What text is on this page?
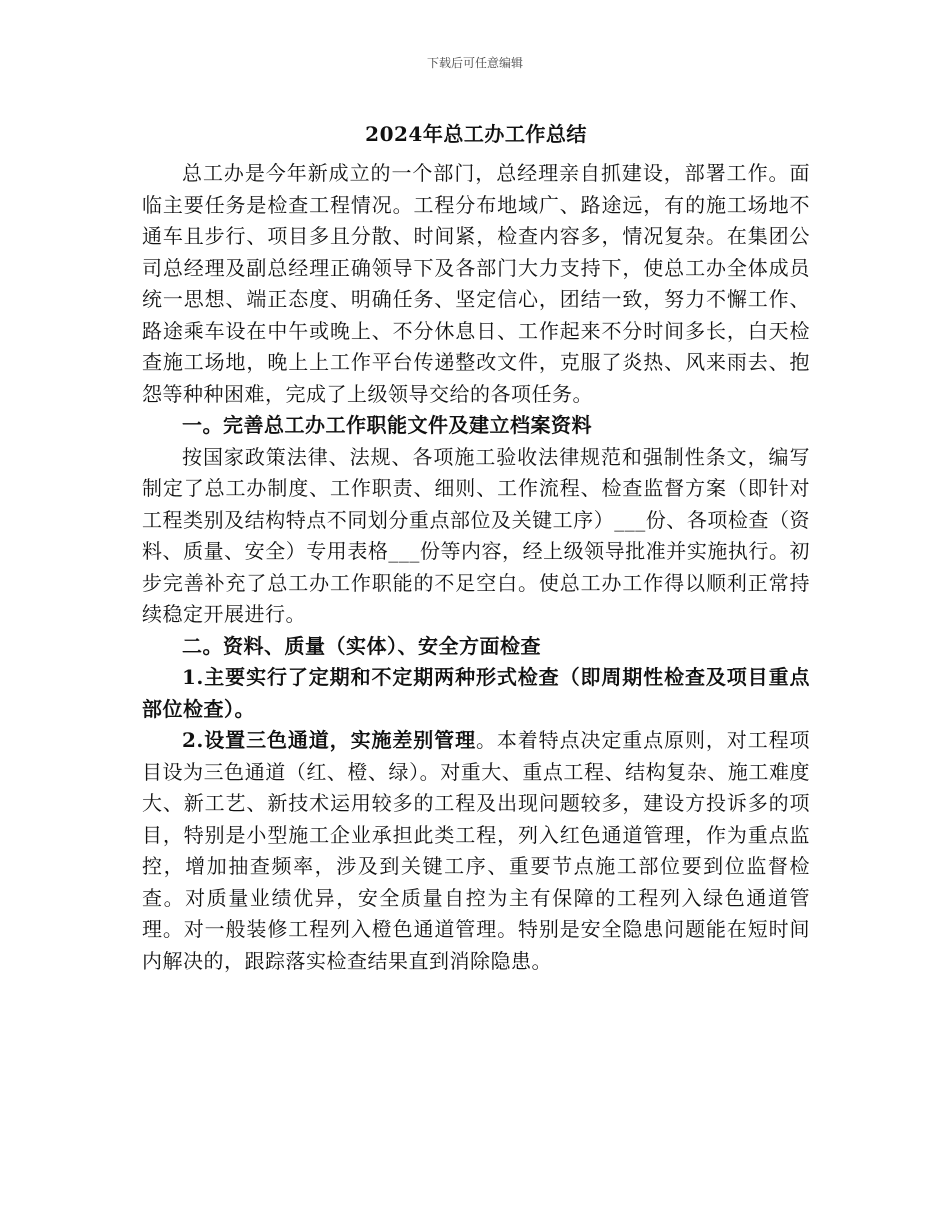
下载后可任意编辑
2024年总工办工作总结

总工办是今年新成立的一个部门，总经理亲自抓建设，部署工作。面临主要任务是检查工程情况。工程分布地域广、路途远，有的施工场地不通车且步行、项目多且分散、时间紧，检查内容多，情况复杂。在集团公司总经理及副总经理正确领导下及各部门大力支持下，使总工办全体成员统一思想、端正态度、明确任务、坚定信心，团结一致，努力不懈工作、路途乘车设在中午或晚上、不分休息日、工作起来不分时间多长，白天检查施工场地，晚上上工作平台传递整改文件，克服了炎热、风来雨去、抱怨等种种困难，完成了上级领导交给的各项任务。

一。完善总工办工作职能文件及建立档案资料

按国家政策法律、法规、各项施工验收法律规范和强制性条文，编写制定了总工办制度、工作职责、细则、工作流程、检查监督方案（即针对工程类别及结构特点不同划分重点部位及关键工序）___份、各项检查（资料、质量、安全）专用表格___份等内容，经上级领导批准并实施执行。初步完善补充了总工办工作职能的不足空白。使总工办工作得以顺利正常持续稳定开展进行。

二。资料、质量（实体）、安全方面检查

1.主要实行了定期和不定期两种形式检查（即周期性检查及项目重点部位检查）。

2.设置三色通道，实施差别管理。本着特点决定重点原则，对工程项目设为三色通道（红、橙、绿）。对重大、重点工程、结构复杂、施工难度大、新工艺、新技术运用较多的工程及出现问题较多，建设方投诉多的项目，特别是小型施工企业承担此类工程，列入红色通道管理，作为重点监控，增加抽查频率，涉及到关键工序、重要节点施工部位要到位监督检查。对质量业绩优异，安全质量自控为主有保障的工程列入绿色通道管理。对一般装修工程列入橙色通道管理。特别是安全隐患问题能在短时间内解决的，跟踪落实检查结果直到消除隐患。
